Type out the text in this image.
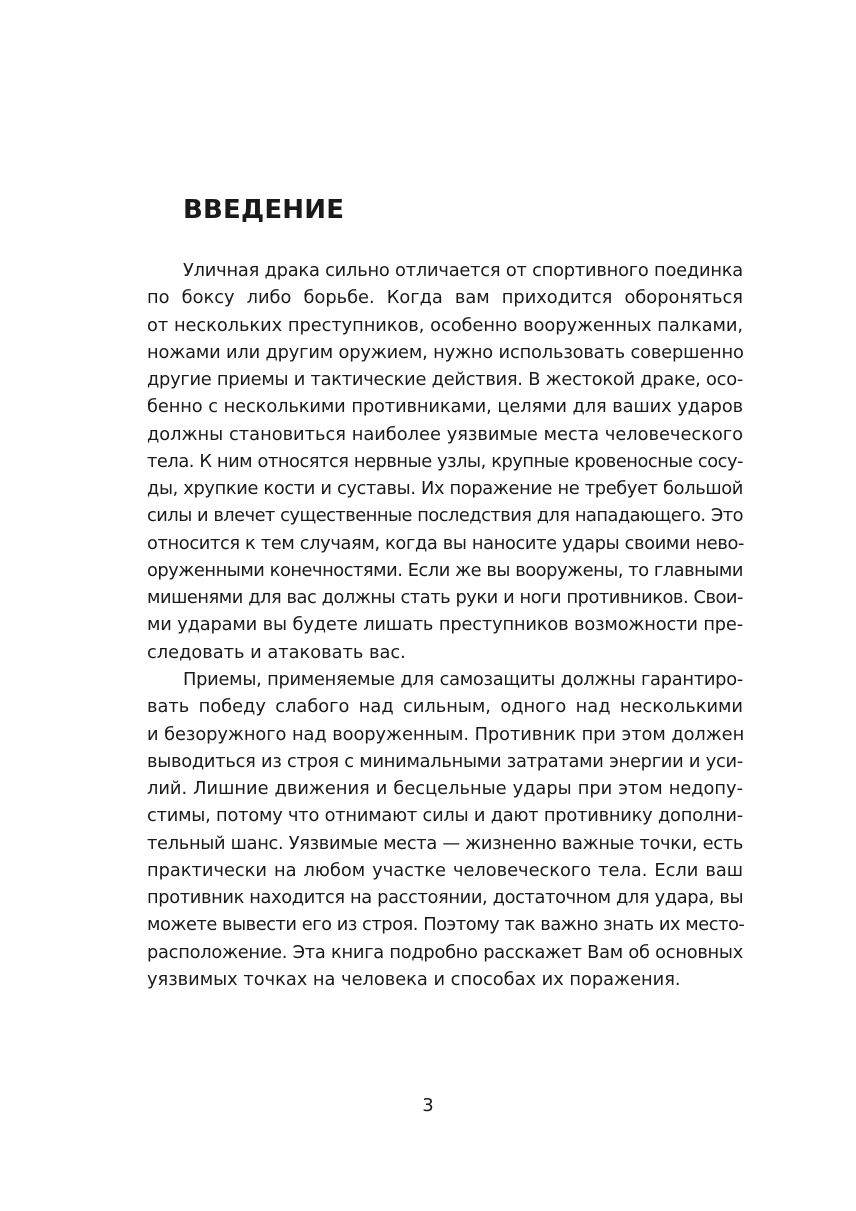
ВВЕДЕНИЕ
Уличная драка сильно отличается от спортивного поединка
по боксу либо борьбе. Когда вам приходится обороняться
от нескольких преступников, особенно вооруженных палками,
ножами или другим оружием, нужно использовать совершенно
другие приемы и тактические действия. В жестокой драке, осо-
бенно с несколькими противниками, целями для ваших ударов
должны становиться наиболее уязвимые места человеческого
тела. К ним относятся нервные узлы, крупные кровеносные сосу-
ды, хрупкие кости и суставы. Их поражение не требует большой
силы и влечет существенные последствия для нападающего. Это
относится к тем случаям, когда вы наносите удары своими нево-
оруженными конечностями. Если же вы вооружены, то главными
мишенями для вас должны стать руки и ноги противников. Свои-
ми ударами вы будете лишать преступников возможности пре-
следовать и атаковать вас.
Приемы, применяемые для самозащиты должны гарантиро-
вать победу слабого над сильным, одного над несколькими
и безоружного над вооруженным. Противник при этом должен
выводиться из строя с минимальными затратами энергии и уси-
лий. Лишние движения и бесцельные удары при этом недопу-
стимы, потому что отнимают силы и дают противнику дополни-
тельный шанс. Уязвимые места — жизненно важные точки, есть
практически на любом участке человеческого тела. Если ваш
противник находится на расстоянии, достаточном для удара, вы
можете вывести его из строя. Поэтому так важно знать их место-
расположение. Эта книга подробно расскажет Вам об основных
уязвимых точках на человека и способах их поражения.
3
